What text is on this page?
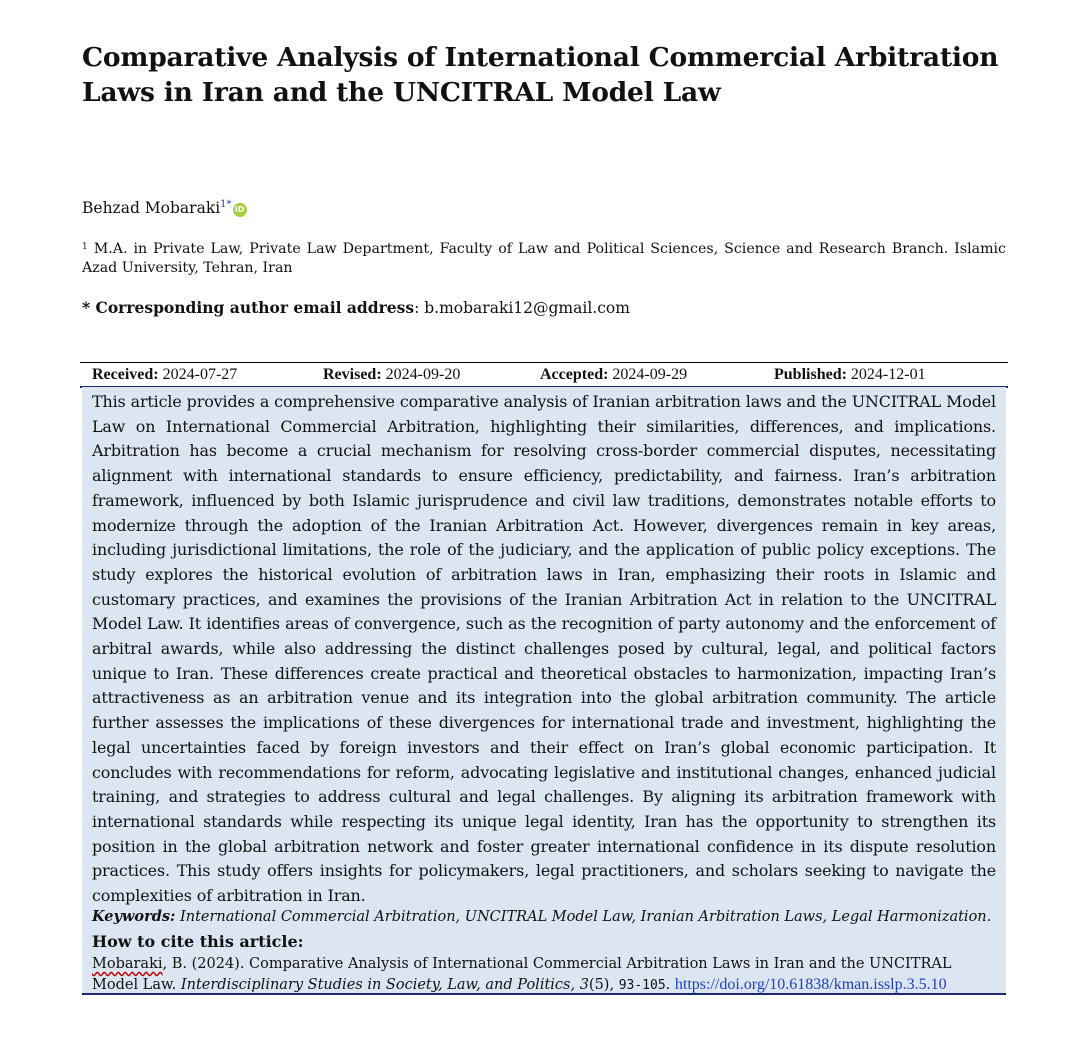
Comparative Analysis of International Commercial Arbitration Laws in Iran and the UNCITRAL Model Law
Behzad Mobaraki$^{1*}$ iD
$^1$ M.A. in Private Law, Private Law Department, Faculty of Law and Political Sciences, Science and Research Branch. Islamic Azad University, Tehran, Iran
* Corresponding author email address: b.mobaraki12@gmail.com
Received: 2024-07-27	Revised: 2024-09-20	Accepted: 2024-09-29	Published: 2024-12-01
This article provides a comprehensive comparative analysis of Iranian arbitration laws and the UNCITRAL Model Law on International Commercial Arbitration, highlighting their similarities, differences, and implications. Arbitration has become a crucial mechanism for resolving cross-border commercial disputes, necessitating alignment with international standards to ensure efficiency, predictability, and fairness. Iran’s arbitration framework, influenced by both Islamic jurisprudence and civil law traditions, demonstrates notable efforts to modernize through the adoption of the Iranian Arbitration Act. However, divergences remain in key areas, including jurisdictional limitations, the role of the judiciary, and the application of public policy exceptions. The study explores the historical evolution of arbitration laws in Iran, emphasizing their roots in Islamic and customary practices, and examines the provisions of the Iranian Arbitration Act in relation to the UNCITRAL Model Law. It identifies areas of convergence, such as the recognition of party autonomy and the enforcement of arbitral awards, while also addressing the distinct challenges posed by cultural, legal, and political factors unique to Iran. These differences create practical and theoretical obstacles to harmonization, impacting Iran’s attractiveness as an arbitration venue and its integration into the global arbitration community. The article further assesses the implications of these divergences for international trade and investment, highlighting the legal uncertainties faced by foreign investors and their effect on Iran’s global economic participation. It concludes with recommendations for reform, advocating legislative and institutional changes, enhanced judicial training, and strategies to address cultural and legal challenges. By aligning its arbitration framework with international standards while respecting its unique legal identity, Iran has the opportunity to strengthen its position in the global arbitration network and foster greater international confidence in its dispute resolution practices. This study offers insights for policymakers, legal practitioners, and scholars seeking to navigate the complexities of arbitration in Iran.
Keywords: International Commercial Arbitration, UNCITRAL Model Law, Iranian Arbitration Laws, Legal Harmonization.
How to cite this article:
Mobaraki, B. (2024). Comparative Analysis of International Commercial Arbitration Laws in Iran and the UNCITRAL Model Law. Interdisciplinary Studies in Society, Law, and Politics, 3(5), 93-105. https://doi.org/10.61838/kman.isslp.3.5.10
